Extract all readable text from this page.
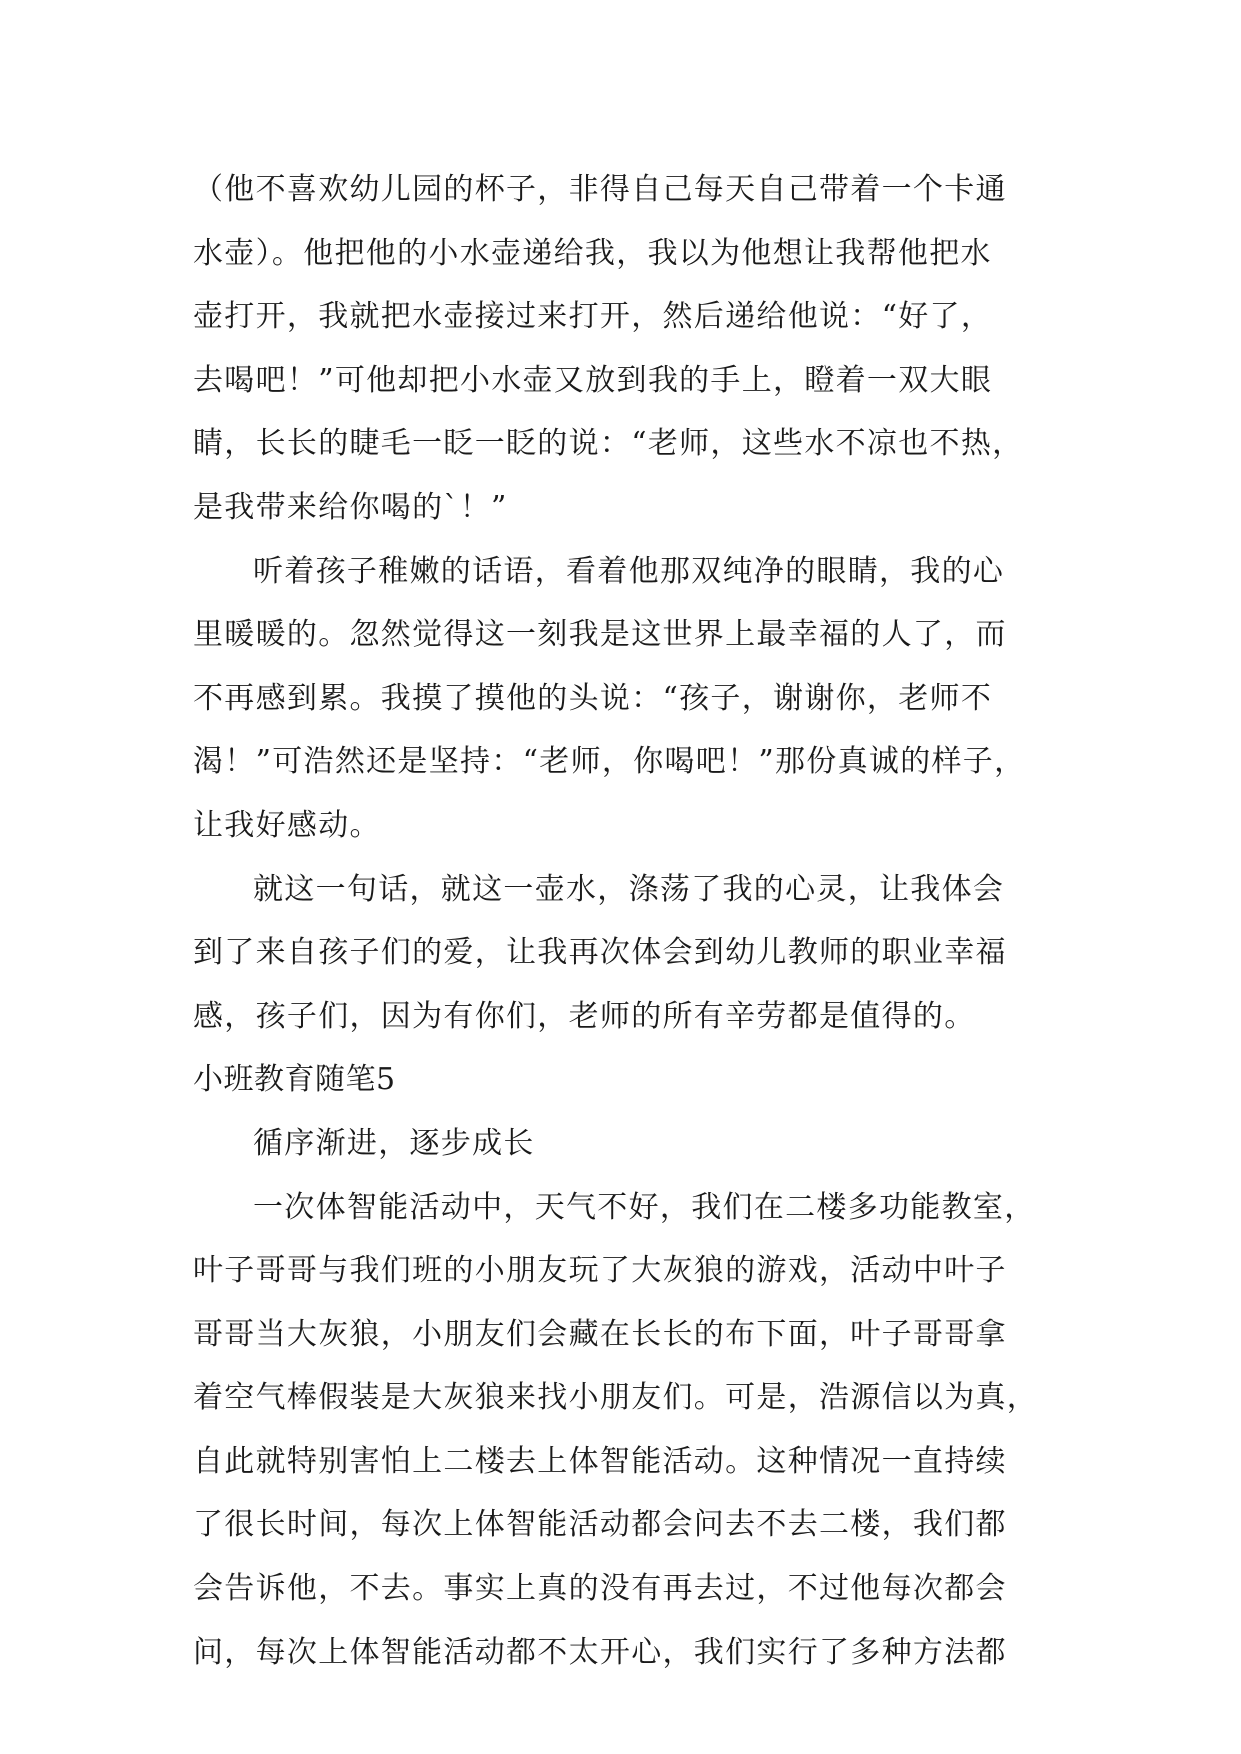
（他不喜欢幼儿园的杯子，非得自己每天自己带着一个卡通
水壶）。他把他的小水壶递给我，我以为他想让我帮他把水
壶打开，我就把水壶接过来打开，然后递给他说：“好了，
去喝吧！”可他却把小水壶又放到我的手上，瞪着一双大眼
睛，长长的睫毛一眨一眨的说：“老师，这些水不凉也不热，
是我带来给你喝的`！”
听着孩子稚嫩的话语，看着他那双纯净的眼睛，我的心
里暖暖的。忽然觉得这一刻我是这世界上最幸福的人了，而
不再感到累。我摸了摸他的头说：“孩子，谢谢你，老师不
渴！”可浩然还是坚持：“老师，你喝吧！”那份真诚的样子，
让我好感动。
就这一句话，就这一壶水，涤荡了我的心灵，让我体会
到了来自孩子们的爱，让我再次体会到幼儿教师的职业幸福
感，孩子们，因为有你们，老师的所有辛劳都是值得的。
小班教育随笔5
循序渐进，逐步成长
一次体智能活动中，天气不好，我们在二楼多功能教室，
叶子哥哥与我们班的小朋友玩了大灰狼的游戏，活动中叶子
哥哥当大灰狼，小朋友们会藏在长长的布下面，叶子哥哥拿
着空气棒假装是大灰狼来找小朋友们。可是，浩源信以为真，
自此就特别害怕上二楼去上体智能活动。这种情况一直持续
了很长时间，每次上体智能活动都会问去不去二楼，我们都
会告诉他，不去。事实上真的没有再去过，不过他每次都会
问，每次上体智能活动都不太开心，我们实行了多种方法都
